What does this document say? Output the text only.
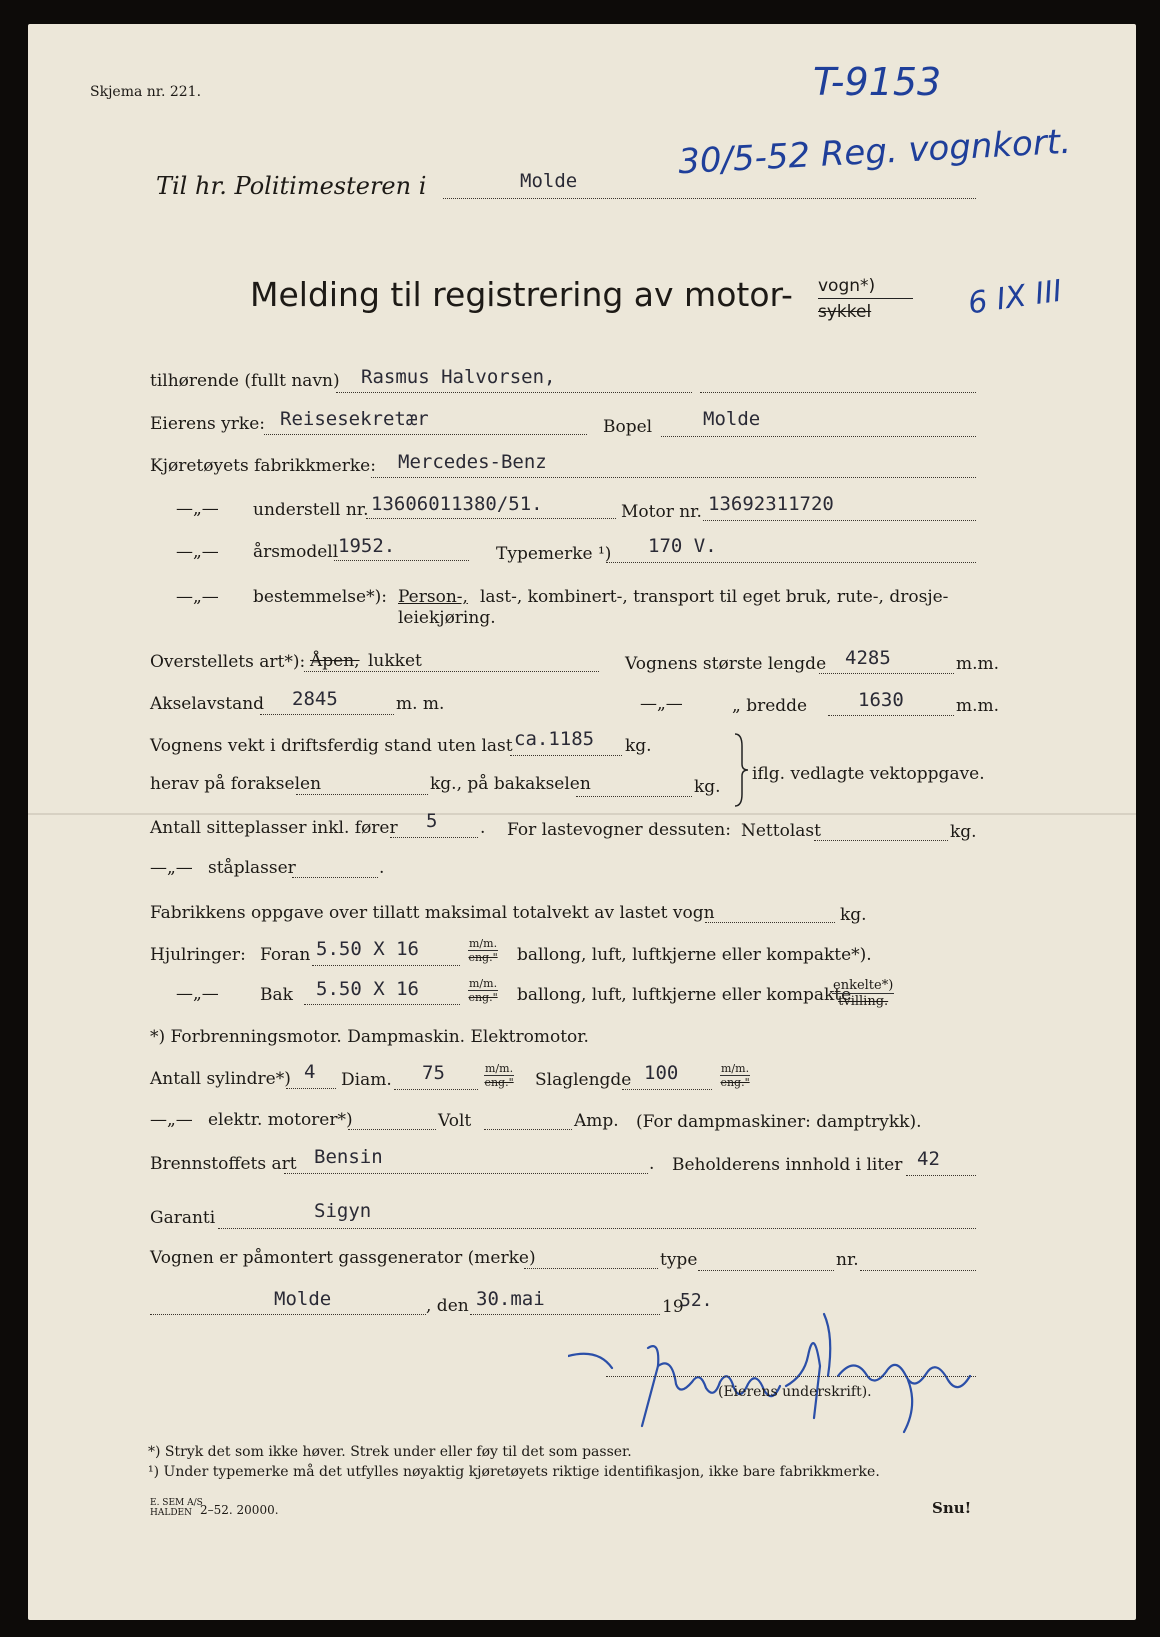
Skjema nr. 221.	T-9153
30/5-52 Reg. vognkort.
6 IX III
Til hr. Politimesteren i	Molde
Melding til registrering av motor- vogn*)
sykkel
tilhørende (fullt navn) Rasmus Halvorsen,
Eierens yrke: Reisesekretær	Bopel	Molde
Kjøretøyets fabrikkmerke: Mercedes-Benz
—„— understell nr. 13606011380/51.	Motor nr. 13692311720
—„— årsmodell 1952.	Typemerke ¹) 170 V.
—„— bestemmelse*): Person-, last-, kombinert-, transport til eget bruk, rute-, drosje-
leiekjøring.
Overstellets art*): Åpen, lukket	Vognens største lengde 4285	m.m.
Akselavstand 2845	m. m.	—„—	„ bredde	1630	m.m.
Vognens vekt i driftsferdig stand uten last ca.1185 kg.
herav på forakselen	kg., på bakakselen	kg.
iflg. vedlagte vektoppgave.
Antall sitteplasser inkl. fører 5	. For lastevogner dessuten: Nettolast	kg.
—„— ståplasser	.
Fabrikkens oppgave over tillatt maksimal totalvekt av lastet vogn	kg.
Hjulringer: Foran 5.50 X 16	m/m.
eng." ballong, luft, luftkjerne eller kompakte*).
—„— Bak 5.50 X 16	m/m.
eng." ballong, luft, luftkjerne eller kompakte
enkelte*)
tvilling.
*) Forbrenningsmotor. Dampmaskin. Elektromotor.
Antall sylindre*) 4 Diam. 75	m/m.
eng." Slaglengde 100	m/m.
eng."
—„— elektr. motorer*)	Volt	Amp. (For dampmaskiner: damptrykk).
Brennstoffets art Bensin	. Beholderens innhold i liter 42
Garanti	Sigyn
Vognen er påmontert gassgenerator (merke)	type	nr.
Molde	, den 30.mai	19
52.
(Eierens underskrift).
*) Stryk det som ikke høver. Strek under eller føy til det som passer.
¹) Under typemerke må det utfylles nøyaktig kjøretøyets riktige identifikasjon, ikke bare fabrikkmerke.
E. SEM A/S
HALDEN 2–52. 20000.	Snu!
